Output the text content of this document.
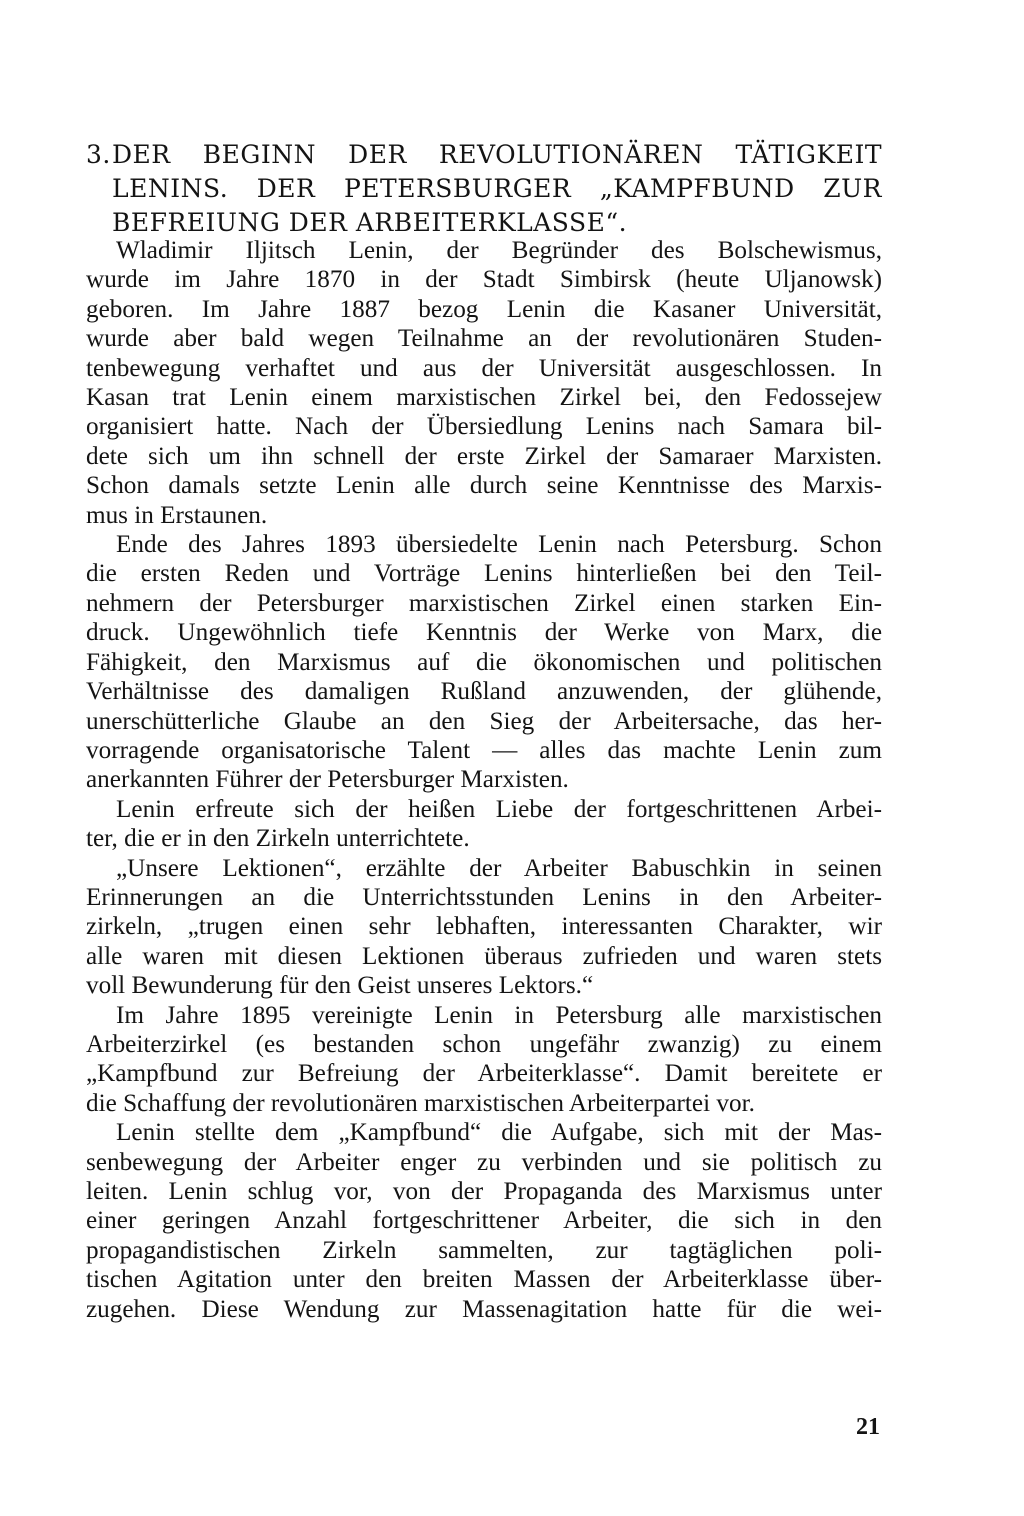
3.DER BEGINN DER REVOLUTIONÄREN TÄTIGKEIT
LENINS. DER PETERSBURGER „KAMPFBUND ZUR
BEFREIUNG DER ARBEITERKLASSE“.

Wladimir Iljitsch Lenin, der Begründer des Bolschewismus,
wurde im Jahre 1870 in der Stadt Simbirsk (heute Uljanowsk)
geboren. Im Jahre 1887 bezog Lenin die Kasaner Universität,
wurde aber bald wegen Teilnahme an der revolutionären Studen-
tenbewegung verhaftet und aus der Universität ausgeschlossen. In
Kasan trat Lenin einem marxistischen Zirkel bei, den Fedossejew
organisiert hatte. Nach der Übersiedlung Lenins nach Samara bil-
dete sich um ihn schnell der erste Zirkel der Samaraer Marxisten.
Schon damals setzte Lenin alle durch seine Kenntnisse des Marxis-
mus in Erstaunen.

Ende des Jahres 1893 übersiedelte Lenin nach Petersburg. Schon
die ersten Reden und Vorträge Lenins hinterließen bei den Teil-
nehmern der Petersburger marxistischen Zirkel einen starken Ein-
druck. Ungewöhnlich tiefe Kenntnis der Werke von Marx, die
Fähigkeit, den Marxismus auf die ökonomischen und politischen
Verhältnisse des damaligen Rußland anzuwenden, der glühende,
unerschütterliche Glaube an den Sieg der Arbeitersache, das her-
vorragende organisatorische Talent — alles das machte Lenin zum
anerkannten Führer der Petersburger Marxisten.

Lenin erfreute sich der heißen Liebe der fortgeschrittenen Arbei-
ter, die er in den Zirkeln unterrichtete.

„Unsere Lektionen“, erzählte der Arbeiter Babuschkin in seinen
Erinnerungen an die Unterrichtsstunden Lenins in den Arbeiter-
zirkeln, „trugen einen sehr lebhaften, interessanten Charakter, wir
alle waren mit diesen Lektionen überaus zufrieden und waren stets
voll Bewunderung für den Geist unseres Lektors.“

Im Jahre 1895 vereinigte Lenin in Petersburg alle marxistischen
Arbeiterzirkel (es bestanden schon ungefähr zwanzig) zu einem
„Kampfbund zur Befreiung der Arbeiterklasse“. Damit bereitete er
die Schaffung der revolutionären marxistischen Arbeiterpartei vor.

Lenin stellte dem „Kampfbund“ die Aufgabe, sich mit der Mas-
senbewegung der Arbeiter enger zu verbinden und sie politisch zu
leiten. Lenin schlug vor, von der Propaganda des Marxismus unter
einer geringen Anzahl fortgeschrittener Arbeiter, die sich in den
propagandistischen Zirkeln sammelten, zur tagtäglichen poli-
tischen Agitation unter den breiten Massen der Arbeiterklasse über-
zugehen. Diese Wendung zur Massenagitation hatte für die wei-

21
